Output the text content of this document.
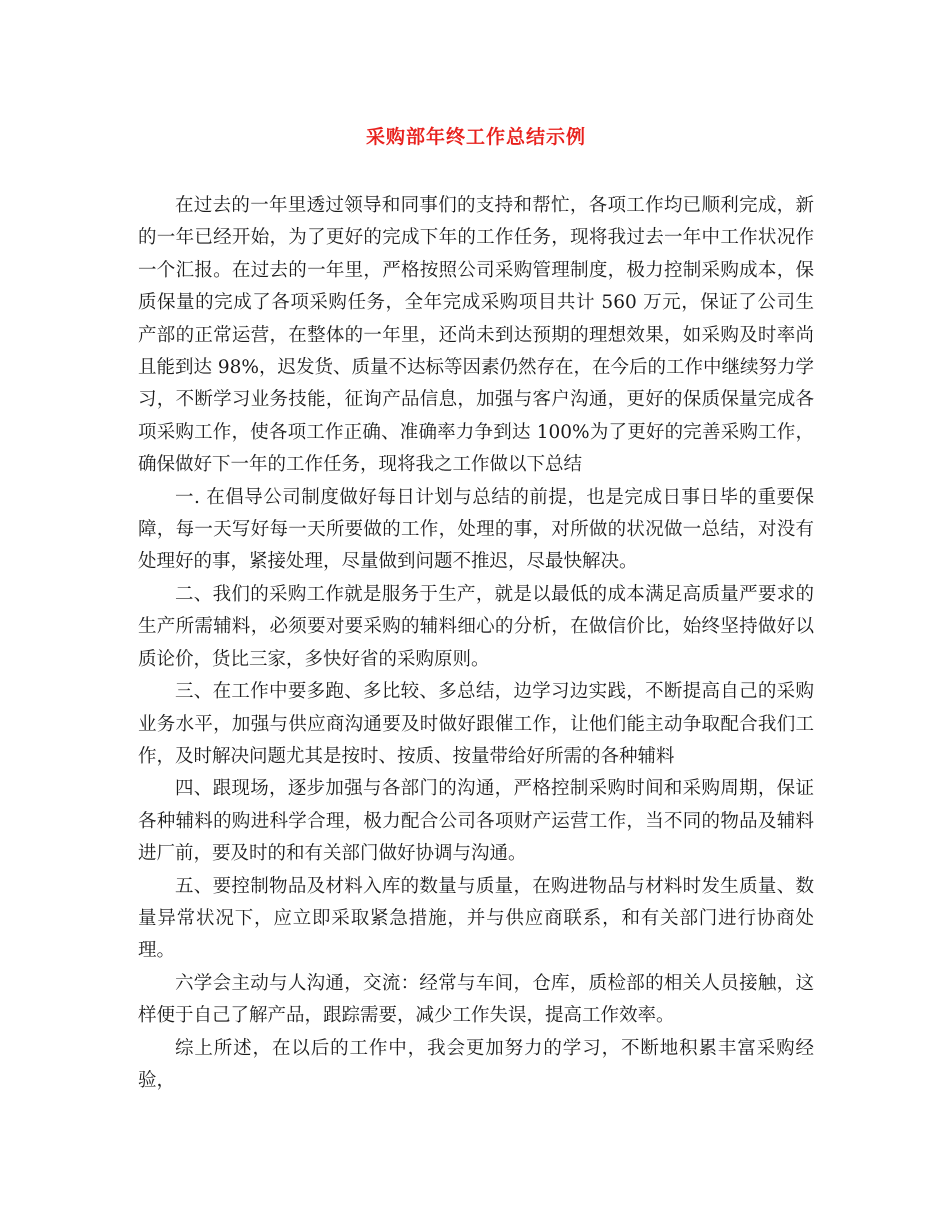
采购部年终工作总结示例

在过去的一年里透过领导和同事们的支持和帮忙，各项工作均已顺利完成，新的一年已经开始，为了更好的完成下年的工作任务，现将我过去一年中工作状况作一个汇报。在过去的一年里，严格按照公司采购管理制度，极力控制采购成本，保质保量的完成了各项采购任务，全年完成采购项目共计 560 万元，保证了公司生产部的正常运营，在整体的一年里，还尚未到达预期的理想效果，如采购及时率尚且能到达 98%，迟发货、质量不达标等因素仍然存在，在今后的工作中继续努力学习，不断学习业务技能，征询产品信息，加强与客户沟通，更好的保质保量完成各项采购工作，使各项工作正确、准确率力争到达 100%为了更好的完善采购工作，确保做好下一年的工作任务，现将我之工作做以下总结

一. 在倡导公司制度做好每日计划与总结的前提，也是完成日事日毕的重要保障，每一天写好每一天所要做的工作，处理的事，对所做的状况做一总结，对没有处理好的事，紧接处理，尽量做到问题不推迟，尽最快解决。

二、我们的采购工作就是服务于生产，就是以最低的成本满足高质量严要求的生产所需辅料，必须要对要采购的辅料细心的分析，在做信价比，始终坚持做好以质论价，货比三家，多快好省的采购原则。

三、在工作中要多跑、多比较、多总结，边学习边实践，不断提高自己的采购业务水平，加强与供应商沟通要及时做好跟催工作，让他们能主动争取配合我们工作，及时解决问题尤其是按时、按质、按量带给好所需的各种辅料

四、跟现场，逐步加强与各部门的沟通，严格控制采购时间和采购周期，保证各种辅料的购进科学合理，极力配合公司各项财产运营工作，当不同的物品及辅料进厂前，要及时的和有关部门做好协调与沟通。

五、要控制物品及材料入库的数量与质量，在购进物品与材料时发生质量、数量异常状况下，应立即采取紧急措施，并与供应商联系，和有关部门进行协商处理。

六学会主动与人沟通，交流：经常与车间，仓库，质检部的相关人员接触，这样便于自己了解产品，跟踪需要，减少工作失误，提高工作效率。

综上所述，在以后的工作中，我会更加努力的学习，不断地积累丰富采购经验，
